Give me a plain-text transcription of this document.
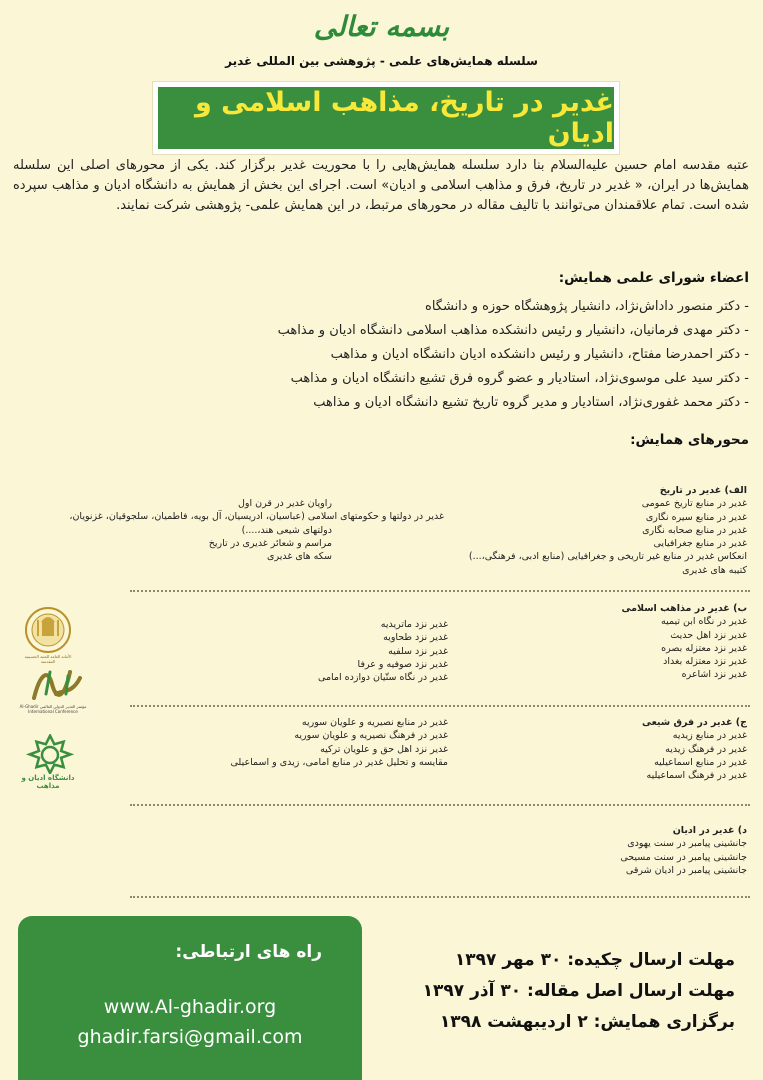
بسمه تعالی
سلسله همایش‌های علمی - پژوهشی بین المللی غدیر
غدیر در تاریخ، مذاهب اسلامی و ادیان

عتبه مقدسه امام حسین علیه‌السلام بنا دارد سلسله همایش‌هایی را با محوریت غدیر برگزار کند. یکی از محورهای اصلی این سلسله همایش‌ها در ایران، « غدیر در تاریخ، فرق و مذاهب اسلامی و ادیان» است. اجرای این بخش از همایش به دانشگاه ادیان و مذاهب سپرده شده است. تمام علاقمندان می‌توانند با تالیف مقاله در محورهای مرتبط، در این همایش علمی- پژوهشی شرکت نمایند.

اعضاء شورای علمی همایش:
- دکتر منصور داداش‌نژاد، دانشیار پژوهشگاه حوزه و دانشگاه
- دکتر مهدی فرمانیان، دانشیار و رئیس دانشکده مذاهب اسلامی دانشگاه ادیان و مذاهب
- دکتر احمدرضا مفتاح، دانشیار و رئیس دانشکده ادیان دانشگاه ادیان و مذاهب
- دکتر سید علی موسوی‌نژاد، استادیار و عضو گروه فرق تشیع دانشگاه ادیان و مذاهب
- دکتر محمد غفوری‌نژاد، استادیار و مدیر گروه تاریخ تشیع دانشگاه ادیان و مذاهب
محورهای همایش:
الف) غدیر در تاریخ
غدیر در منابع تاریخ عمومی
غدیر در منابع سیره نگاری
غدیر در منابع صحابه نگاری
غدیر در منابع جغرافیایی
انعکاس غدیر در منابع غیر تاریخی و جغرافیایی (منابع ادبی، فرهنگی،...)
کتیبه های غدیری
راویان غدیر در قرن اول
غدیر در دولتها و حکومتهای اسلامی (عباسیان، ادریسیان، آل بویه، فاطمیان، سلجوقیان، غزنویان،
دولتهای شیعی هند،....)
مراسم و شعائر غدیری در تاریخ
سکه های غدیری
ب) غدیر در مذاهب اسلامی
غدیر در نگاه ابن تیمیه
غدیر نزد اهل حدیث
غدیر نزد معتزله بصره
غدیر نزد معتزله بغداد
غدیر نزد اشاعره
غدیر نزد ماتریدیه
غدیر نزد طحاویه
غدیر نزد سلفیه
غدیر نزد صوفیه و عرفا
غدیر در نگاه ستّیان دوازده امامی
ج) غدیر در فرق شیعی
غدیر در منابع زیدیه
غدیر در فرهنگ زیدیه
غدیر در منابع اسماعیلیه
غدیر در فرهنگ اسماعیلیه
غدیر در منابع نصیریه و علویان سوریه
غدیر در فرهنگ نصیریه و علویان سوریه
غدیر نزد اهل حق و علویان ترکیه
مقایسه و تحلیل غدیر در منابع امامی، زیدی و اسماعیلی
د) غدیر در ادیان
جانشینی پیامبر در سنت یهودی
جانشینی پیامبر در سنت مسیحی
جانشینی پیامبر در ادیان شرقی
الأمانة العامة للعتبة الحسينية المقدسة
مؤتمر الغدير الدولي العالمي Al-Ghadir International Conference
دانشگاه ادیان و مذاهب
راه های ارتباطی:
www.Al-ghadir.org
ghadir.farsi@gmail.com
مهلت ارسال چکیده: ۳۰ مهر ۱۳۹۷
مهلت ارسال اصل مقاله: ۳۰ آذر ۱۳۹۷
برگزاری همایش: ۲ اردیبهشت ۱۳۹۸
